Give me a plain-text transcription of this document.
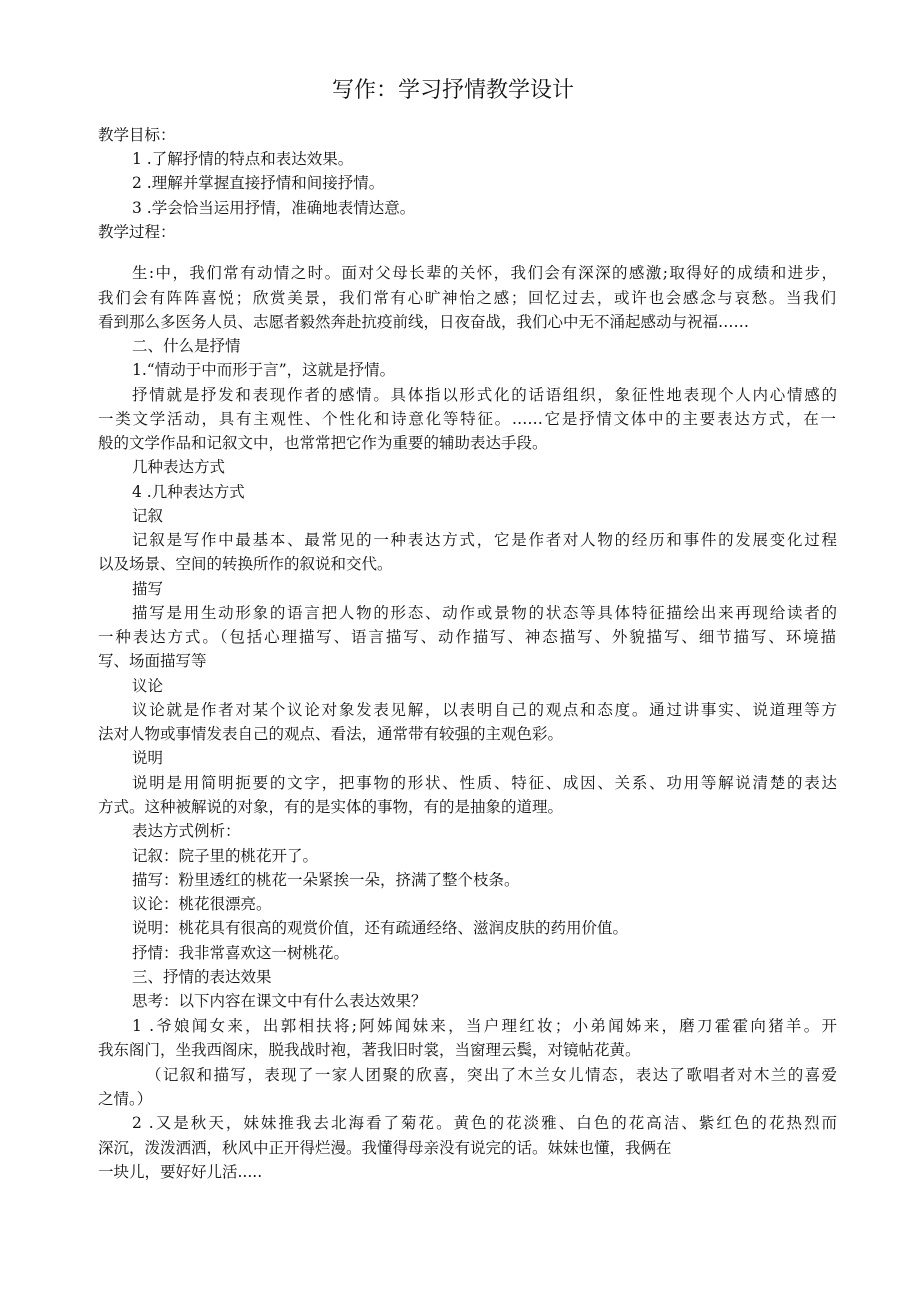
写作：学习抒情教学设计
教学目标：
1 .了解抒情的特点和表达效果。
2 .理解并掌握直接抒情和间接抒情。
3 .学会恰当运用抒情，准确地表情达意。
教学过程：
生:中，我们常有动情之时。面对父母长辈的关怀，我们会有深深的感激;取得好的成绩和进步，
我们会有阵阵喜悦；欣赏美景，我们常有心旷神怡之感；回忆过去，或许也会感念与哀愁。当我们
看到那么多医务人员、志愿者毅然奔赴抗疫前线，日夜奋战，我们心中无不涌起感动与祝福……
二、什么是抒情
1.“情动于中而形于言”，这就是抒情。
抒情就是抒发和表现作者的感情。具体指以形式化的话语组织，象征性地表现个人内心情感的
一类文学活动，具有主观性、个性化和诗意化等特征。……它是抒情文体中的主要表达方式，在一
般的文学作品和记叙文中，也常常把它作为重要的辅助表达手段。
几种表达方式
4 .几种表达方式
记叙
记叙是写作中最基本、最常见的一种表达方式，它是作者对人物的经历和事件的发展变化过程
以及场景、空间的转换所作的叙说和交代。
描写
描写是用生动形象的语言把人物的形态、动作或景物的状态等具体特征描绘出来再现给读者的
一种表达方式。（包括心理描写、语言描写、动作描写、神态描写、外貌描写、细节描写、环境描
写、场面描写等
议论
议论就是作者对某个议论对象发表见解，以表明自己的观点和态度。通过讲事实、说道理等方
法对人物或事情发表自己的观点、看法，通常带有较强的主观色彩。
说明
说明是用简明扼要的文字，把事物的形状、性质、特征、成因、关系、功用等解说清楚的表达
方式。这种被解说的对象，有的是实体的事物，有的是抽象的道理。
表达方式例析：
记叙：院子里的桃花开了。
描写：粉里透红的桃花一朵紧挨一朵，挤满了整个枝条。
议论：桃花很漂亮。
说明：桃花具有很高的观赏价值，还有疏通经络、滋润皮肤的药用价值。
抒情：我非常喜欢这一树桃花。
三、抒情的表达效果
思考：以下内容在课文中有什么表达效果？
1 .爷娘闻女来，出郭相扶将;阿姊闻妹来，当户理红妆；小弟闻姊来，磨刀霍霍向猪羊。开
我东阁门，坐我西阁床，脱我战时袍，著我旧时裳，当窗理云鬓，对镜帖花黄。
（记叙和描写，表现了一家人团聚的欣喜，突出了木兰女儿情态，表达了歌唱者对木兰的喜爱
之情。）
2 .又是秋天，妹妹推我去北海看了菊花。黄色的花淡雅、白色的花高洁、紫红色的花热烈而
深沉，泼泼洒洒，秋风中正开得烂漫。我懂得母亲没有说完的话。妹妹也懂，我俩在
一块儿，要好好儿活.....
